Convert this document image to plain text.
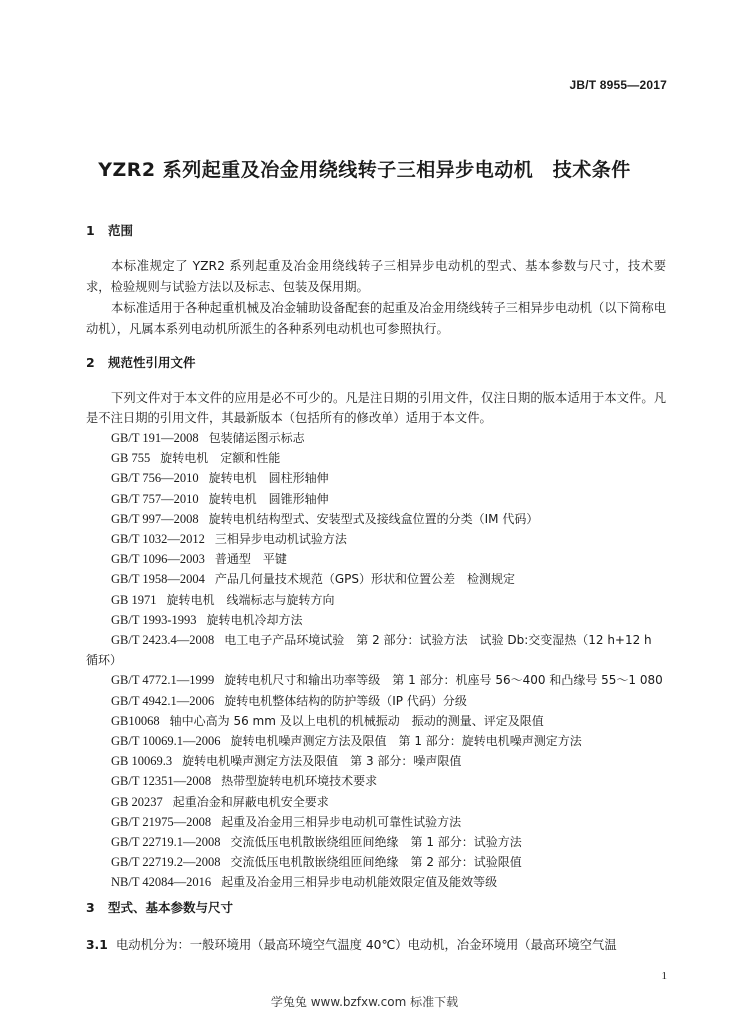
JB/T 8955—2017
YZR2 系列起重及冶金用绕线转子三相异步电动机　技术条件
1 范围
本标准规定了 YZR2 系列起重及冶金用绕线转子三相异步电动机的型式、基本参数与尺寸，技术要求，检验规则与试验方法以及标志、包装及保用期。
本标准适用于各种起重机械及冶金辅助设备配套的起重及冶金用绕线转子三相异步电动机（以下简称电动机），凡属本系列电动机所派生的各种系列电动机也可参照执行。
2 规范性引用文件
下列文件对于本文件的应用是必不可少的。凡是注日期的引用文件，仅注日期的版本适用于本文件。凡是不注日期的引用文件，其最新版本（包括所有的修改单）适用于本文件。
GB/T 191—2008 包装储运图示标志
GB 755 旋转电机　定额和性能
GB/T 756—2010 旋转电机　圆柱形轴伸
GB/T 757—2010 旋转电机　圆锥形轴伸
GB/T 997—2008 旋转电机结构型式、安装型式及接线盒位置的分类（IM 代码）
GB/T 1032—2012 三相异步电动机试验方法
GB/T 1096—2003 普通型　平键
GB/T 1958—2004 产品几何量技术规范（GPS）形状和位置公差　检测规定
GB 1971 旋转电机　线端标志与旋转方向
GB/T 1993-1993 旋转电机冷却方法
GB/T 2423.4—2008 电工电子产品环境试验　第 2 部分：试验方法　试验 Db:交变湿热（12 h+12 h
循环）
GB/T 4772.1—1999 旋转电机尺寸和输出功率等级　第 1 部分：机座号 56～400 和凸缘号 55～1 080
GB/T 4942.1—2006 旋转电机整体结构的防护等级（IP 代码）分级
GB10068 轴中心高为 56 mm 及以上电机的机械振动　振动的测量、评定及限值
GB/T 10069.1—2006 旋转电机噪声测定方法及限值　第 1 部分：旋转电机噪声测定方法
GB 10069.3 旋转电机噪声测定方法及限值　第 3 部分：噪声限值
GB/T 12351—2008 热带型旋转电机环境技术要求
GB 20237 起重冶金和屏蔽电机安全要求
GB/T 21975—2008 起重及冶金用三相异步电动机可靠性试验方法
GB/T 22719.1—2008 交流低压电机散嵌绕组匝间绝缘　第 1 部分：试验方法
GB/T 22719.2—2008 交流低压电机散嵌绕组匝间绝缘　第 2 部分：试验限值
NB/T 42084—2016 起重及冶金用三相异步电动机能效限定值及能效等级
3 型式、基本参数与尺寸
3.1 电动机分为：一般环境用（最高环境空气温度 40℃）电动机，冶金环境用（最高环境空气温
1
学兔兔 www.bzfxw.com 标准下载
